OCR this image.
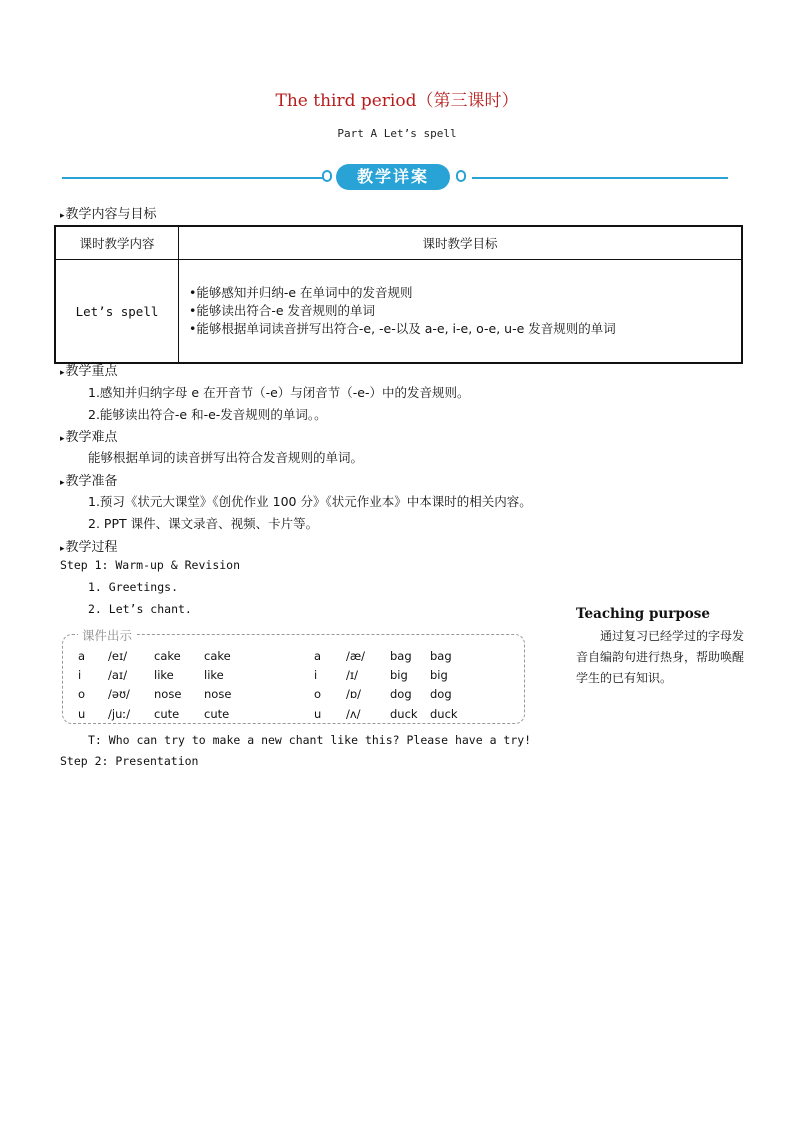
The third period（第三课时）
Part A Let’s spell
教学详案
▸ 教学内容与目标
课时教学内容	课时教学目标
Let’s spell	•能够感知并归纳-e 在单词中的发音规则
•能够读出符合-e 发音规则的单词
•能够根据单词读音拼写出符合-e, -e-以及 a-e, i-e, o-e, u-e 发音规则的单词
▸ 教学重点
1.感知并归纳字母 e 在开音节（-e）与闭音节（-e-）中的发音规则。
2.能够读出符合-e 和-e-发音规则的单词。。
▸ 教学难点
能够根据单词的读音拼写出符合发音规则的单词。
▸ 教学准备
1.预习《状元大课堂》《创优作业 100 分》《状元作业本》中本课时的相关内容。
2. PPT 课件、课文录音、视频、卡片等。
▸ 教学过程
Step 1: Warm-up & Revision
1. Greetings.
2. Let’s chant.
课件出示
a	/eɪ/	cake	cake	a	/æ/	bag	bag
i	/aɪ/	like	like	i	/ɪ/	big	big
o	/əʊ/	nose	nose	o	/ɒ/	dog	dog
u	/juː/	cute	cute	u	/ʌ/	duck	duck
Teaching purpose
通过复习已经学过的字母发音自编韵句进行热身，帮助唤醒学生的已有知识。
T: Who can try to make a new chant like this? Please have a try!
Step 2: Presentation
